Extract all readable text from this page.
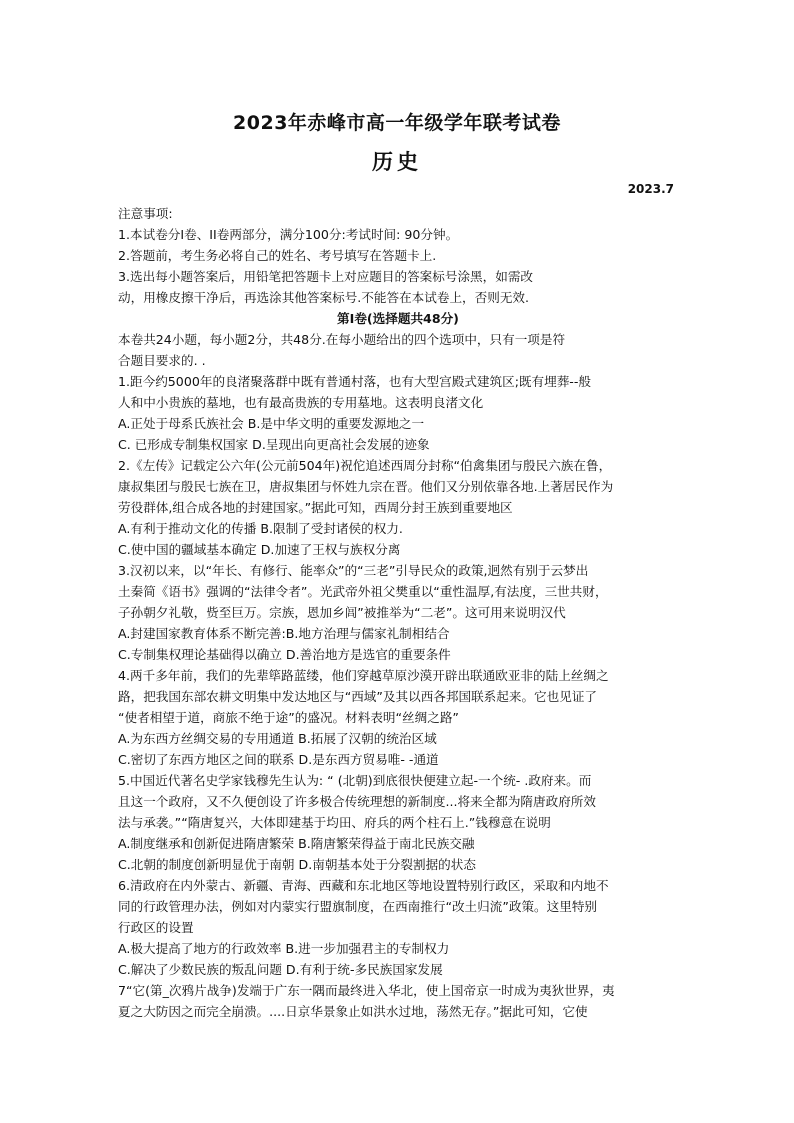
2023年赤峰市高一年级学年联考试卷
历史
2023.7
注意事项:
1.本试卷分I卷、II卷两部分，满分100分:考试时间: 90分钟。
2.答题前，考生务必将自己的姓名、考号填写在答题卡上.
3.选出每小题答案后，用铅笔把答题卡上对应题目的答案标号涂黑，如需改
动，用橡皮擦干净后，再选涂其他答案标号.不能答在本试卷上，否则无效.
第I卷(选择题共48分)
本卷共24小题，每小题2分，共48分.在每小题给出的四个选项中，只有一项是符
合题目要求的. .
1.距今约5000年的良渚聚落群中既有普通村落，也有大型宫殿式建筑区;既有埋葬--般
人和中小贵族的墓地，也有最高贵族的专用墓地。这表明良渚文化
A.正处于母系氏族社会 B.是中华文明的重要发源地之一
C. 已形成专制集权国家 D.呈现出向更高社会发展的迹象
2.《左传》记载定公六年(公元前504年)祝佗追述西周分封称“伯禽集团与殷民六族在鲁，
康叔集团与殷民七族在卫，唐叔集团与怀姓九宗在晋。他们又分别依靠各地.上著居民作为
劳役群体,组合成各地的封建国家。”据此可知，西周分封王族到重要地区
A.有利于推动文化的传播 B.限制了受封诸侯的权力.
C.使中国的疆域基本确定 D.加速了王权与族权分离
3.汉初以来，以“年长、有修行、能率众”的“三老”引导民众的政策,迥然有别于云梦出
土秦简《语书》强调的“法律令者”。光武帝外祖父樊重以“重性温厚,有法度，三世共财，
子孙朝夕礼敬，赀至巨万。宗族，恩加乡闾”被推举为“二老”。这可用来说明汉代
A.封建国家教育体系不断完善:B.地方治理与儒家礼制相结合
C.专制集权理论基础得以确立 D.善治地方是选官的重要条件
4.两千多年前，我们的先辈筚路蓝缕，他们穿越草原沙漠开辟出联通欧亚非的陆上丝绸之
路，把我国东部农耕文明集中发达地区与“西域”及其以西各邦国联系起来。它也见证了
“使者相望于道，商旅不绝于途”的盛况。材料表明“丝绸之路”
A.为东西方丝绸交易的专用通道 B.拓展了汉朝的统治区域
C.密切了东西方地区之间的联系 D.是东西方贸易唯- -通道
5.中国近代著名史学家钱穆先生认为: “ (北朝)到底很快便建立起-一个统- .政府来。而
且这一个政府，又不久便创设了许多极合传统理想的新制度...将来全都为隋唐政府所效
法与承袭。”“隋唐复兴，大体即建基于均田、府兵的两个柱石上.”钱穆意在说明
A.制度继承和创新促进隋唐繁荣 B.隋唐繁荣得益于南北民族交融
C.北朝的制度创新明显优于南朝 D.南朝基本处于分裂割据的状态
6.清政府在内外蒙古、新疆、青海、西藏和东北地区等地设置特别行政区，采取和内地不
同的行政管理办法，例如对内蒙实行盟旗制度，在西南推行“改土归流”政策。这里特别
行政区的设置
A.极大提高了地方的行政效率 B.进一步加强君主的专制权力
C.解决了少数民族的叛乱问题 D.有利于统-多民族国家发展
7“它(第_次鸦片战争)发端于广东一隅而最终进入华北，使上国帝京一时成为夷狄世界，夷
夏之大防因之而完全崩溃。....日京华景象止如洪水过地，荡然无存。”据此可知，它使
